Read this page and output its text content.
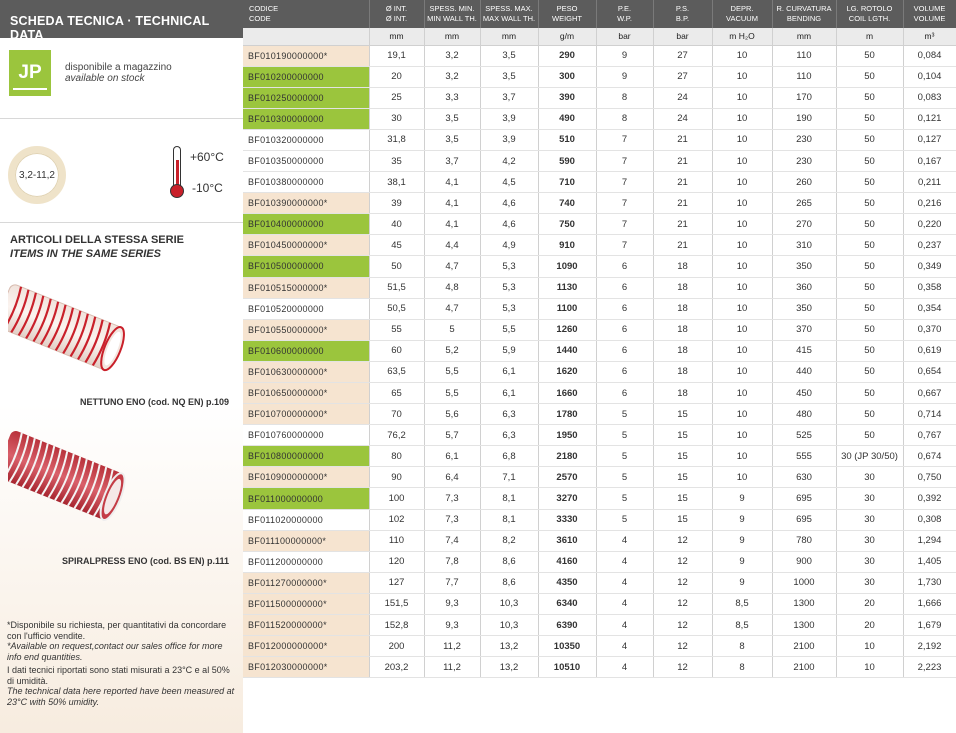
SCHEDA TECNICA · TECHNICAL DATA
JP	disponibile a magazzino
available on stock
3,2-11,2
+60°C
-10°C
ARTICOLI DELLA STESSA SERIE
ITEMS IN THE SAME SERIES
NETTUNO ENO (cod. NQ EN) p.109
SPIRALPRESS ENO (cod. BS EN) p.111

*Disponibile su richiesta, per quantitativi da concordare con l'ufficio vendite.
*Available on request,contact our sales office for more info end quantities.

I dati tecnici riportati sono stati misurati a 23°C e al 50% di umidità.
The technical data here reported have been measured at 23°C with 50% umidity.

CODICE	Ø INT.	SPESS. MIN.	SPESS. MAX.	PESO	P.E.	P.S.	DEPR.	R. CURVATURA	LG. ROTOLO	VOLUME
CODE	Ø INT.	MIN WALL TH.	MAX WALL TH.	WEIGHT	W.P.	B.P.	VACUUM	BENDING	COIL LGTH.	VOLUME
	mm	mm	mm	g/m	bar	bar	m H₂O	mm	m	m³
BF010190000000*	19,1	3,2	3,5	290	9	27	10	110	50	0,084
BF010200000000	20	3,2	3,5	300	9	27	10	110	50	0,104
BF010250000000	25	3,3	3,7	390	8	24	10	170	50	0,083
BF010300000000	30	3,5	3,9	490	8	24	10	190	50	0,121
BF010320000000	31,8	3,5	3,9	510	7	21	10	230	50	0,127
BF010350000000	35	3,7	4,2	590	7	21	10	230	50	0,167
BF010380000000	38,1	4,1	4,5	710	7	21	10	260	50	0,211
BF010390000000*	39	4,1	4,6	740	7	21	10	265	50	0,216
BF010400000000	40	4,1	4,6	750	7	21	10	270	50	0,220
BF010450000000*	45	4,4	4,9	910	7	21	10	310	50	0,237
BF010500000000	50	4,7	5,3	1090	6	18	10	350	50	0,349
BF010515000000*	51,5	4,8	5,3	1130	6	18	10	360	50	0,358
BF010520000000	50,5	4,7	5,3	1100	6	18	10	350	50	0,354
BF010550000000*	55	5	5,5	1260	6	18	10	370	50	0,370
BF010600000000	60	5,2	5,9	1440	6	18	10	415	50	0,619
BF010630000000*	63,5	5,5	6,1	1620	6	18	10	440	50	0,654
BF010650000000*	65	5,5	6,1	1660	6	18	10	450	50	0,667
BF010700000000*	70	5,6	6,3	1780	5	15	10	480	50	0,714
BF010760000000	76,2	5,7	6,3	1950	5	15	10	525	50	0,767
BF010800000000	80	6,1	6,8	2180	5	15	10	555	30 (JP 30/50)	0,674
BF010900000000*	90	6,4	7,1	2570	5	15	10	630	30	0,750
BF011000000000	100	7,3	8,1	3270	5	15	9	695	30	0,392
BF011020000000	102	7,3	8,1	3330	5	15	9	695	30	0,308
BF011100000000*	110	7,4	8,2	3610	4	12	9	780	30	1,294
BF011200000000	120	7,8	8,6	4160	4	12	9	900	30	1,405
BF011270000000*	127	7,7	8,6	4350	4	12	9	1000	30	1,730
BF011500000000*	151,5	9,3	10,3	6340	4	12	8,5	1300	20	1,666
BF011520000000*	152,8	9,3	10,3	6390	4	12	8,5	1300	20	1,679
BF012000000000*	200	11,2	13,2	10350	4	12	8	2100	10	2,192
BF012030000000*	203,2	11,2	13,2	10510	4	12	8	2100	10	2,223
